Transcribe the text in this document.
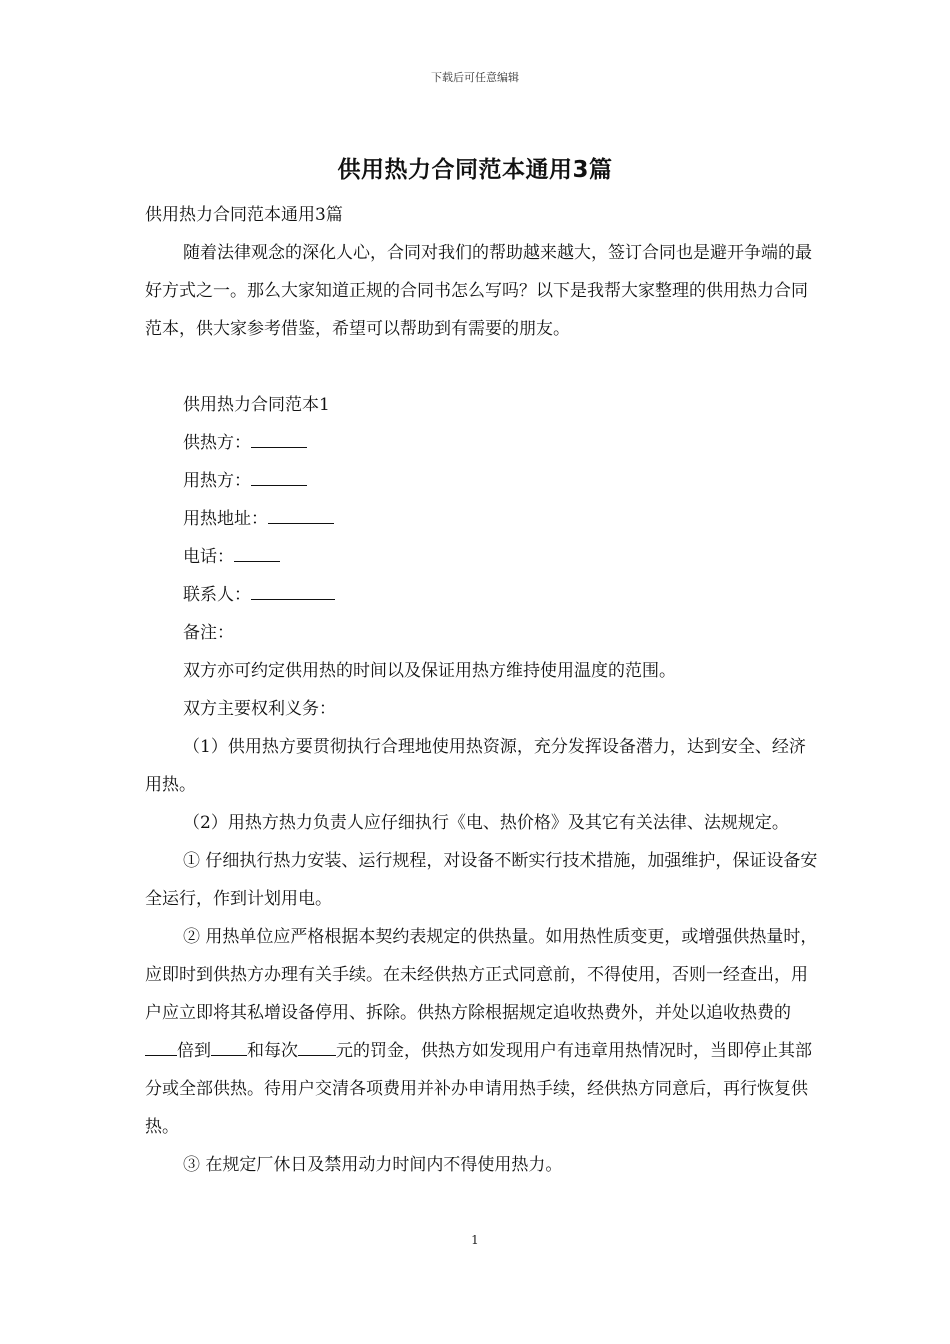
下载后可任意编辑
供用热力合同范本通用3篇

供用热力合同范本通用3篇

随着法律观念的深化人心，合同对我们的帮助越来越大，签订合同也是避开争端的最好方式之一。那么大家知道正规的合同书怎么写吗？以下是我帮大家整理的供用热力合同范本，供大家参考借鉴，希望可以帮助到有需要的朋友。

供用热力合同范本1

供热方：

用热方：

用热地址：

电话：

联系人：

备注：

双方亦可约定供用热的时间以及保证用热方维持使用温度的范围。

双方主要权利义务：

（1）供用热方要贯彻执行合理地使用热资源，充分发挥设备潜力，达到安全、经济用热。

（2）用热方热力负责人应仔细执行《电、热价格》及其它有关法律、法规规定。

① 仔细执行热力安装、运行规程，对设备不断实行技术措施，加强维护，保证设备安全运行，作到计划用电。

② 用热单位应严格根据本契约表规定的供热量。如用热性质变更，或增强供热量时，应即时到供热方办理有关手续。在未经供热方正式同意前，不得使用，否则一经查出，用户应立即将其私增设备停用、拆除。供热方除根据规定追收热费外，并处以追收热费的倍到 和每次 元的罚金，供热方如发现用户有违章用热情况时，当即停止其部分或全部供热。待用户交清各项费用并补办申请用热手续，经供热方同意后，再行恢复供热。

③ 在规定厂休日及禁用动力时间内不得使用热力。

1
